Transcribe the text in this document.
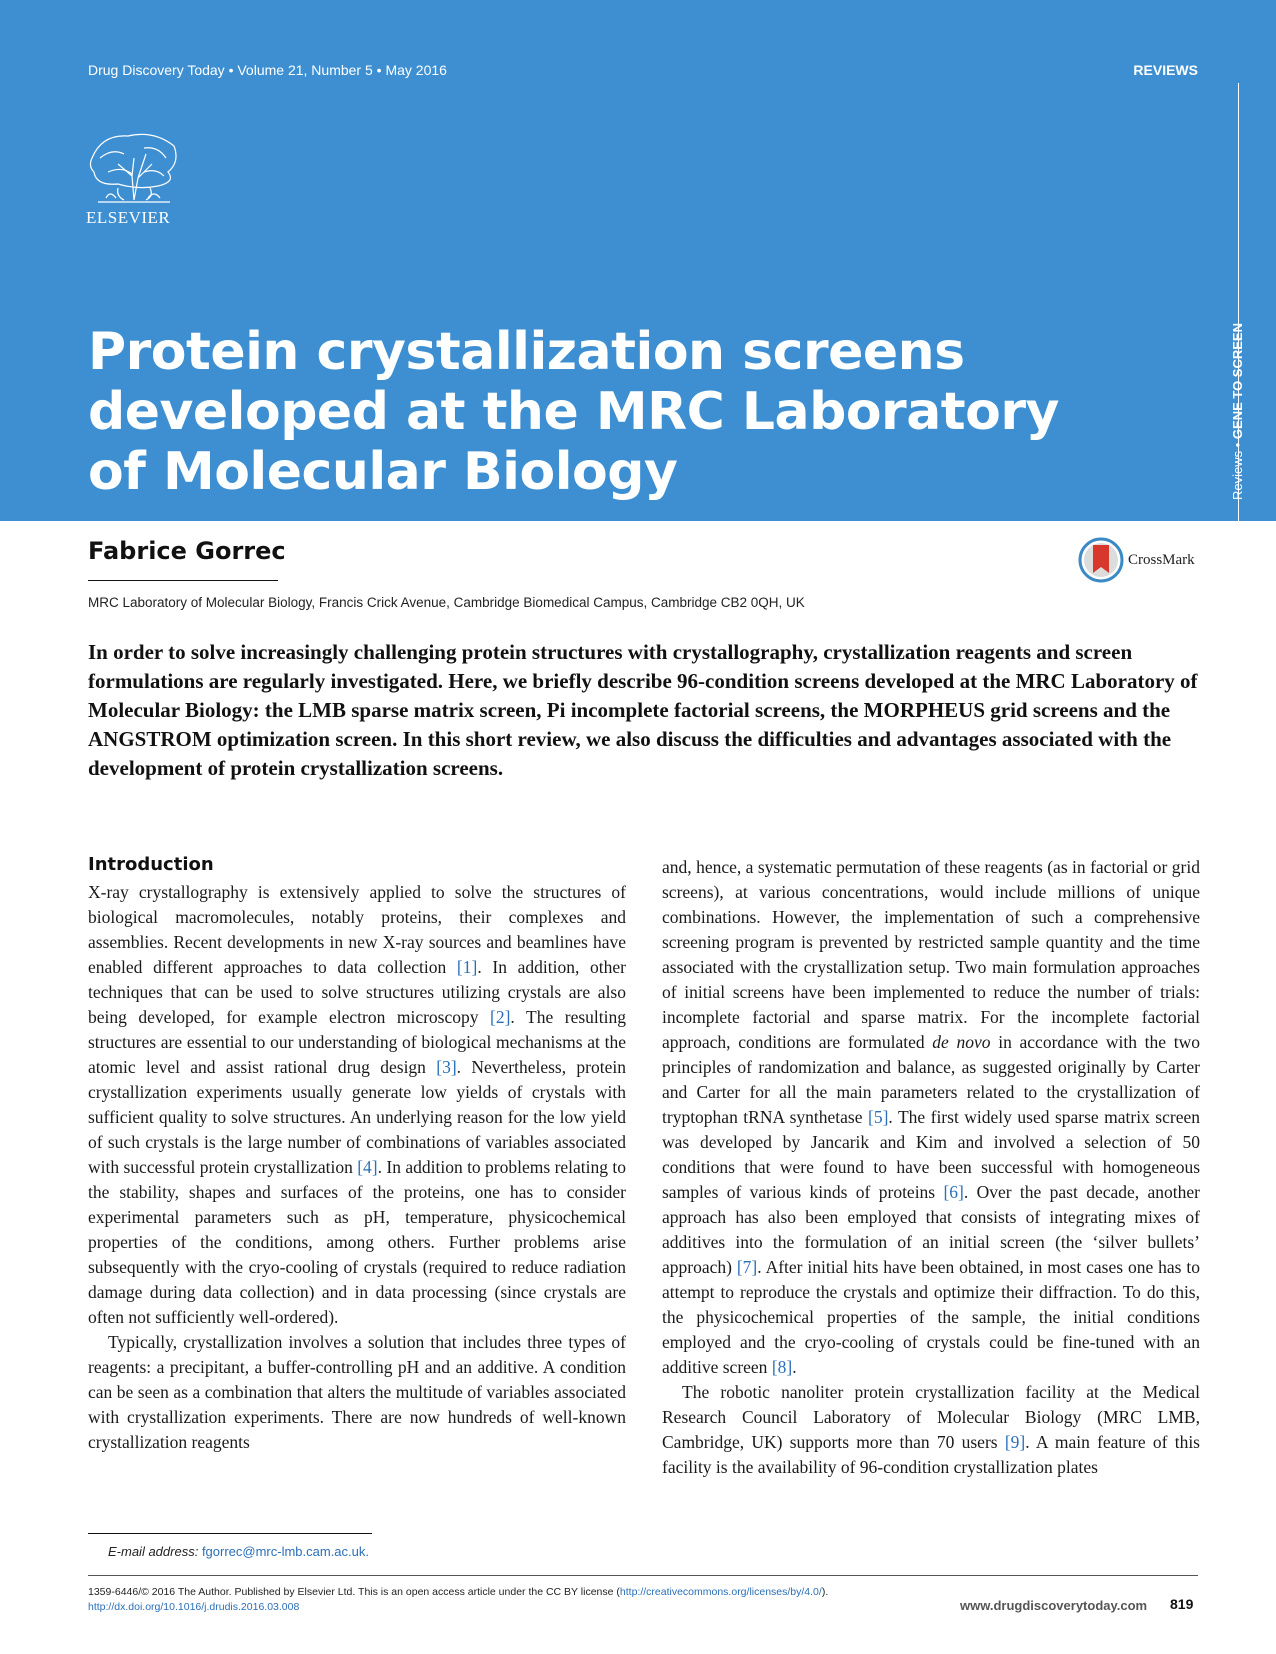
Drug Discovery Today • Volume 21, Number 5 • May 2016	REVIEWS
ELSEVIER
Protein crystallization screens developed at the MRC Laboratory of Molecular Biology	Reviews • GENE TO SCREEN
Fabrice Gorrec	CrossMark
MRC Laboratory of Molecular Biology, Francis Crick Avenue, Cambridge Biomedical Campus, Cambridge CB2 0QH, UK

In order to solve increasingly challenging protein structures with crystallography, crystallization reagents and screen formulations are regularly investigated. Here, we briefly describe 96-condition screens developed at the MRC Laboratory of Molecular Biology: the LMB sparse matrix screen, Pi incomplete factorial screens, the MORPHEUS grid screens and the ANGSTROM optimization screen. In this short review, we also discuss the difficulties and advantages associated with the development of protein crystallization screens.

Introduction

X-ray crystallography is extensively applied to solve the structures of biological macromolecules, notably proteins, their complexes and assemblies. Recent developments in new X-ray sources and beamlines have enabled different approaches to data collection [1]. In addition, other techniques that can be used to solve structures utilizing crystals are also being developed, for example electron microscopy [2]. The resulting structures are essential to our understanding of biological mechanisms at the atomic level and assist rational drug design [3]. Nevertheless, protein crystallization experiments usually generate low yields of crystals with sufficient quality to solve structures. An underlying reason for the low yield of such crystals is the large number of combinations of variables associated with successful protein crystallization [4]. In addition to problems relating to the stability, shapes and surfaces of the proteins, one has to consider experimental parameters such as pH, temperature, physicochemical properties of the conditions, among others. Further problems arise subsequently with the cryo-cooling of crystals (required to reduce radiation damage during data collection) and in data processing (since crystals are often not sufficiently well-ordered).

Typically, crystallization involves a solution that includes three types of reagents: a precipitant, a buffer-controlling pH and an additive. A condition can be seen as a combination that alters the multitude of variables associated with crystallization experiments. There are now hundreds of well-known crystallization reagents

and, hence, a systematic permutation of these reagents (as in factorial or grid screens), at various concentrations, would include millions of unique combinations. However, the implementation of such a comprehensive screening program is prevented by restricted sample quantity and the time associated with the crystallization setup. Two main formulation approaches of initial screens have been implemented to reduce the number of trials: incomplete factorial and sparse matrix. For the incomplete factorial approach, conditions are formulated de novo in accordance with the two principles of randomization and balance, as suggested originally by Carter and Carter for all the main parameters related to the crystallization of tryptophan tRNA synthetase [5]. The first widely used sparse matrix screen was developed by Jancarik and Kim and involved a selection of 50 conditions that were found to have been successful with homogeneous samples of various kinds of proteins [6]. Over the past decade, another approach has also been employed that consists of integrating mixes of additives into the formulation of an initial screen (the ‘silver bullets’ approach) [7]. After initial hits have been obtained, in most cases one has to attempt to reproduce the crystals and optimize their diffraction. To do this, the physicochemical properties of the sample, the initial conditions employed and the cryo-cooling of crystals could be fine-tuned with an additive screen [8].

The robotic nanoliter protein crystallization facility at the Medical Research Council Laboratory of Molecular Biology (MRC LMB, Cambridge, UK) supports more than 70 users [9]. A main feature of this facility is the availability of 96-condition crystallization plates

E-mail address: fgorrec@mrc-lmb.cam.ac.uk.
1359-6446/© 2016 The Author. Published by Elsevier Ltd. This is an open access article under the CC BY license (http://creativecommons.org/licenses/by/4.0/).
http://dx.doi.org/10.1016/j.drudis.2016.03.008	www.drugdiscoverytoday.com 819
